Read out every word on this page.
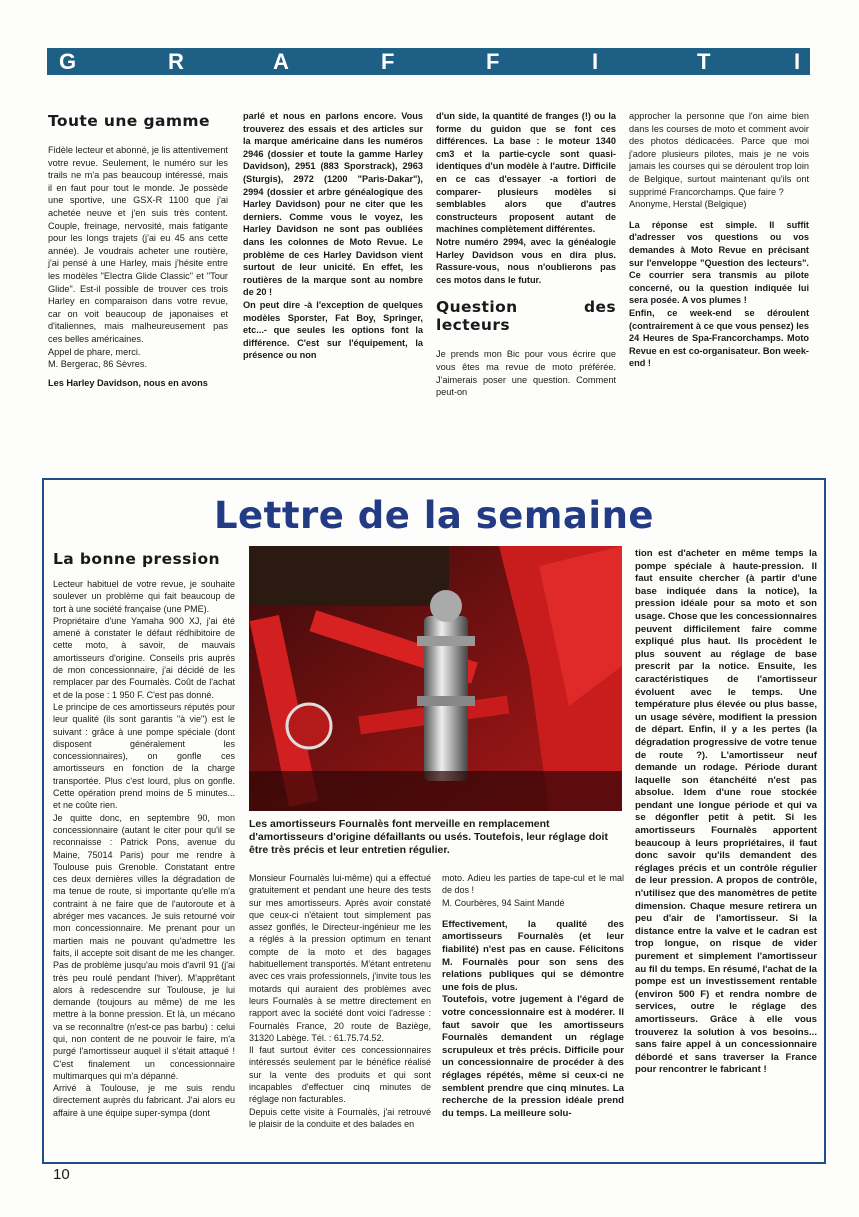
G	R	A	F	F	I	T	I
Toute une gamme

Fidèle lecteur et abonné, je lis attentivement votre revue. Seulement, le numéro sur les trails ne m'a pas beaucoup intéressé, mais il en faut pour tout le monde. Je possède une sportive, une GSX-R 1100 que j'ai achetée neuve et j'en suis très content. Couple, freinage, nervosité, mais fatigante pour les longs trajets (j'ai eu 45 ans cette année). Je voudrais acheter une routière, j'ai pensé à une Harley, mais j'hésite entre les modèles "Electra Glide Classic" et "Tour Glide". Est-il possible de trouver ces trois Harley en comparaison dans votre revue, car on voit beaucoup de japonaises et d'italiennes, mais malheureusement pas ces belles américaines.

Appel de phare, merci.

M. Bergerac, 86 Sèvres.

Les Harley Davidson, nous en avons

parlé et nous en parlons encore. Vous trouverez des essais et des articles sur la marque américaine dans les numéros 2946 (dossier et toute la gamme Harley Davidson), 2951 (883 Sporstrack), 2963 (Sturgis), 2972 (1200 "Paris-Dakar"), 2994 (dossier et arbre généalogique des Harley Davidson) pour ne citer que les derniers. Comme vous le voyez, les Harley Davidson ne sont pas oubliées dans les colonnes de Moto Revue. Le problème de ces Harley Davidson vient surtout de leur unicité. En effet, les routières de la marque sont au nombre de 20 !

On peut dire -à l'exception de quelques modèles Sporster, Fat Boy, Springer, etc...- que seules les options font la différence. C'est sur l'équipement, la présence ou non

d'un side, la quantité de franges (!) ou la forme du guidon que se font ces différences. La base : le moteur 1340 cm3 et la partie-cycle sont quasi-identiques d'un modèle à l'autre. Difficile en ce cas d'essayer -a fortiori de comparer- plusieurs modèles si semblables alors que d'autres constructeurs proposent autant de machines complètement différentes.

Notre numéro 2994, avec la généalogie Harley Davidson vous en dira plus. Rassure-vous, nous n'oublierons pas ces motos dans le futur.

Question des lecteurs

Je prends mon Bic pour vous écrire que vous êtes ma revue de moto préférée. J'aimerais poser une question. Comment peut-on

approcher la personne que l'on aime bien dans les courses de moto et comment avoir des photos dédicacées. Parce que moi j'adore plusieurs pilotes, mais je ne vois jamais les courses qui se déroulent trop loin de Belgique, surtout maintenant qu'ils ont supprimé Francorchamps. Que faire ?

Anonyme, Herstal (Belgique)

La réponse est simple. Il suffit d'adresser vos questions ou vos demandes à Moto Revue en précisant sur l'enveloppe "Question des lecteurs". Ce courrier sera transmis au pilote concerné, ou la question indiquée lui sera posée. A vos plumes !

Enfin, ce week-end se déroulent (contrairement à ce que vous pensez) les 24 Heures de Spa-Francorchamps. Moto Revue en est co-organisateur. Bon week-end !

Lettre de la semaine
La bonne pression

Lecteur habituel de votre revue, je souhaite soulever un problème qui fait beaucoup de tort à une société française (une PME).

Propriétaire d'une Yamaha 900 XJ, j'ai été amené à constater le défaut rédhibitoire de cette moto, à savoir, de mauvais amortisseurs d'origine. Conseils pris auprès de mon concessionnaire, j'ai décidé de les remplacer par des Fournalès. Coût de l'achat et de la pose : 1 950 F. C'est pas donné.

Le principe de ces amortisseurs réputés pour leur qualité (ils sont garantis "à vie") est le suivant : grâce à une pompe spéciale (dont disposent généralement les concessionnaires), on gonfle ces amortisseurs en fonction de la charge transportée. Plus c'est lourd, plus on gonfle. Cette opération prend moins de 5 minutes... et ne coûte rien.

Je quitte donc, en septembre 90, mon concessionnaire (autant le citer pour qu'il se reconnaisse : Patrick Pons, avenue du Maine, 75014 Paris) pour me rendre à Toulouse puis Grenoble. Constatant entre ces deux dernières villes la dégradation de ma tenue de route, si importante qu'elle m'a contraint à ne faire que de l'autoroute et à abréger mes vacances. Je suis retourné voir mon concessionnaire. Me prenant pour un martien mais ne pouvant qu'admettre les faits, il accepte soit disant de me les changer. Pas de problème jusqu'au mois d'avril 91 (j'ai très peu roulé pendant l'hiver). M'apprêtant alors à redescendre sur Toulouse, je lui demande (toujours au même) de me les mettre à la bonne pression. Et là, un mécano va se reconnaître (n'est-ce pas barbu) : celui qui, non content de ne pouvoir le faire, m'a purgé l'amortisseur auquel il s'était attaqué ! C'est finalement un concessionnaire multimarques qui m'a dépanné.

Arrivé à Toulouse, je me suis rendu directement auprès du fabricant. J'ai alors eu affaire à une équipe super-sympa (dont

Les amortisseurs Fournalès font merveille en remplacement d'amortisseurs d'origine défaillants ou usés. Toutefois, leur réglage doit être très précis et leur entretien régulier.

Monsieur Fournalès lui-même) qui a effectué gratuitement et pendant une heure des tests sur mes amortisseurs. Après avoir constaté que ceux-ci n'étaient tout simplement pas assez gonflés, le Directeur-ingénieur me les a réglés à la pression optimum en tenant compte de la moto et des bagages habituellement transportés. M'étant entretenu avec ces vrais professionnels, j'invite tous les motards qui auraient des problèmes avec leurs Fournalès à se mettre directement en rapport avec la société dont voici l'adresse : Fournalès France, 20 route de Baziège, 31320 Labège. Tél. : 61.75.74.52.

Il faut surtout éviter ces concessionnaires intéressés seulement par le bénéfice réalisé sur la vente des produits et qui sont incapables d'effectuer cinq minutes de réglage non facturables.

Depuis cette visite à Fournalès, j'ai retrouvé le plaisir de la conduite et des balades en

moto. Adieu les parties de tape-cul et le mal de dos !

M. Courbères, 94 Saint Mandé

Effectivement, la qualité des amortisseurs Fournalès (et leur fiabilité) n'est pas en cause. Félicitons M. Fournalès pour son sens des relations publiques qui se démontre une fois de plus.

Toutefois, votre jugement à l'égard de votre concessionnaire est à modérer. Il faut savoir que les amortisseurs Fournalès demandent un réglage scrupuleux et très précis. Difficile pour un concessionnaire de procéder à des réglages répétés, même si ceux-ci ne semblent prendre que cinq minutes. La recherche de la pression idéale prend du temps. La meilleure solu-

tion est d'acheter en même temps la pompe spéciale à haute-pression. Il faut ensuite chercher (à partir d'une base indiquée dans la notice), la pression idéale pour sa moto et son usage. Chose que les concessionnaires peuvent difficilement faire comme expliqué plus haut. Ils procèdent le plus souvent au réglage de base prescrit par la notice. Ensuite, les caractéristiques de l'amortisseur évoluent avec le temps. Une température plus élevée ou plus basse, un usage sévère, modifient la pression de départ. Enfin, il y a les pertes (la dégradation progressive de votre tenue de route ?). L'amortisseur neuf demande un rodage. Période durant laquelle son étanchéité n'est pas absolue. Idem d'une roue stockée pendant une longue période et qui va se dégonfler petit à petit. Si les amortisseurs Fournalès apportent beaucoup à leurs propriétaires, il faut donc savoir qu'ils demandent des réglages précis et un contrôle régulier de leur pression. A propos de contrôle, n'utilisez que des manomètres de petite dimension. Chaque mesure retirera un peu d'air de l'amortisseur. Si la distance entre la valve et le cadran est trop longue, on risque de vider purement et simplement l'amortisseur au fil du temps. En résumé, l'achat de la pompe est un investissement rentable (environ 500 F) et rendra nombre de services, outre le réglage des amortisseurs. Grâce à elle vous trouverez la solution à vos besoins... sans faire appel à un concessionnaire débordé et sans traverser la France pour rencontrer le fabricant !

10
